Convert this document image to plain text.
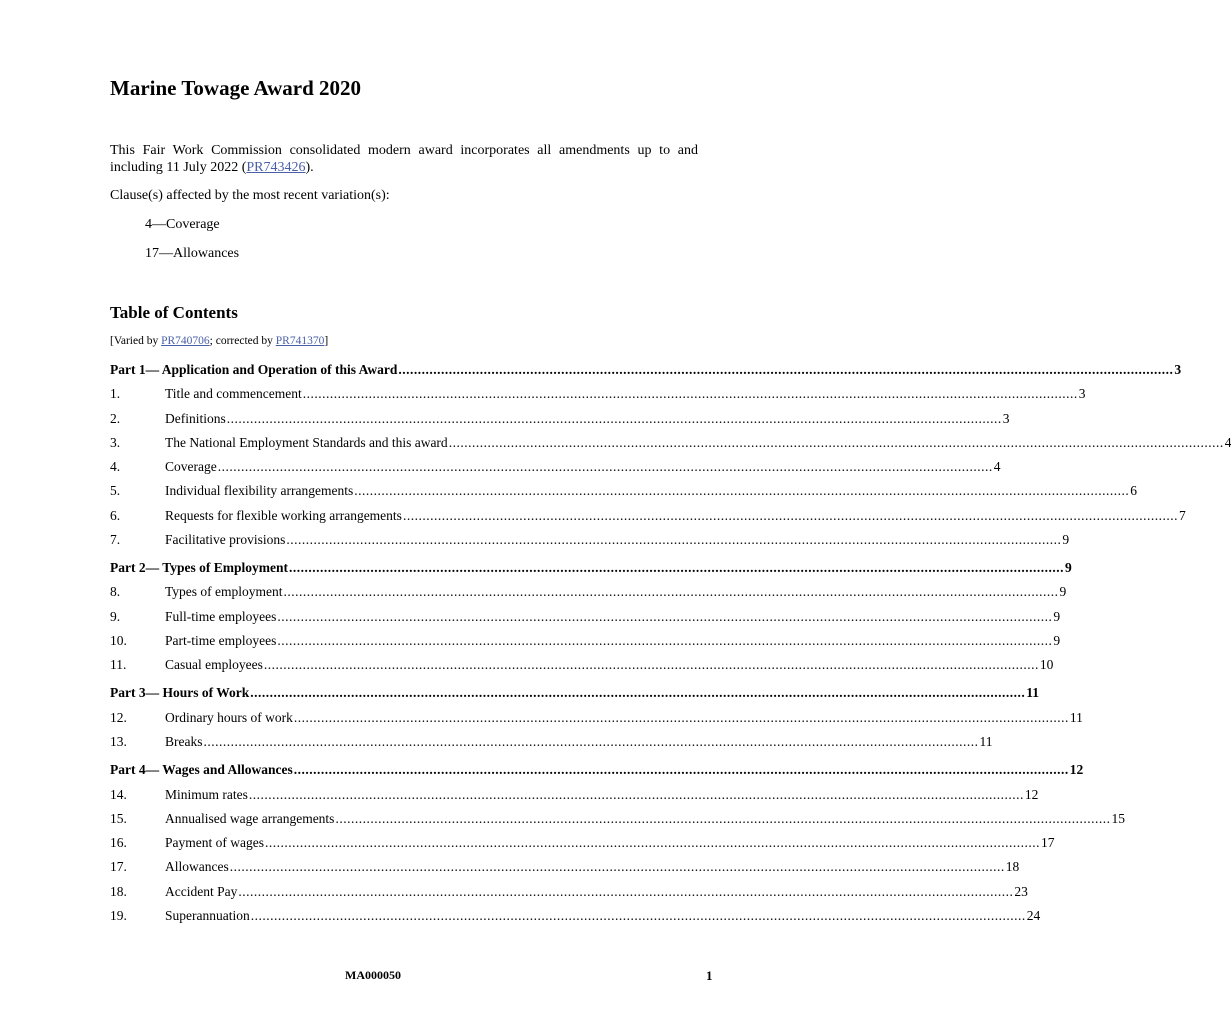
Marine Towage Award 2020

This Fair Work Commission consolidated modern award incorporates all amendments up to and including 11 July 2022 (PR743426).

Clause(s) affected by the most recent variation(s):

4—Coverage

17—Allowances

Table of Contents

[Varied by PR740706; corrected by PR741370]

Part 1— Application and Operation of this Award ........................................................................................................................................................................................................ 3
1.	Title and commencement ........................................................................................................................................................................................................ 3
2.	Definitions ........................................................................................................................................................................................................ 3
3.	The National Employment Standards and this award ........................................................................................................................................................................................................ 4
4.	Coverage ........................................................................................................................................................................................................ 4
5.	Individual flexibility arrangements ........................................................................................................................................................................................................ 6
6.	Requests for flexible working arrangements ........................................................................................................................................................................................................ 7
7.	Facilitative provisions ........................................................................................................................................................................................................ 9
Part 2— Types of Employment ........................................................................................................................................................................................................ 9
8.	Types of employment ........................................................................................................................................................................................................ 9
9.	Full-time employees ........................................................................................................................................................................................................ 9
10.	Part-time employees ........................................................................................................................................................................................................ 9
11.	Casual employees ........................................................................................................................................................................................................ 10
Part 3— Hours of Work ........................................................................................................................................................................................................ 11
12.	Ordinary hours of work ........................................................................................................................................................................................................ 11
13.	Breaks ........................................................................................................................................................................................................ 11
Part 4— Wages and Allowances ........................................................................................................................................................................................................ 12
14.	Minimum rates ........................................................................................................................................................................................................ 12
15.	Annualised wage arrangements ........................................................................................................................................................................................................ 15
16.	Payment of wages ........................................................................................................................................................................................................ 17
17.	Allowances ........................................................................................................................................................................................................ 18
18.	Accident Pay ........................................................................................................................................................................................................ 23
19.	Superannuation ........................................................................................................................................................................................................ 24

MA000050	1
